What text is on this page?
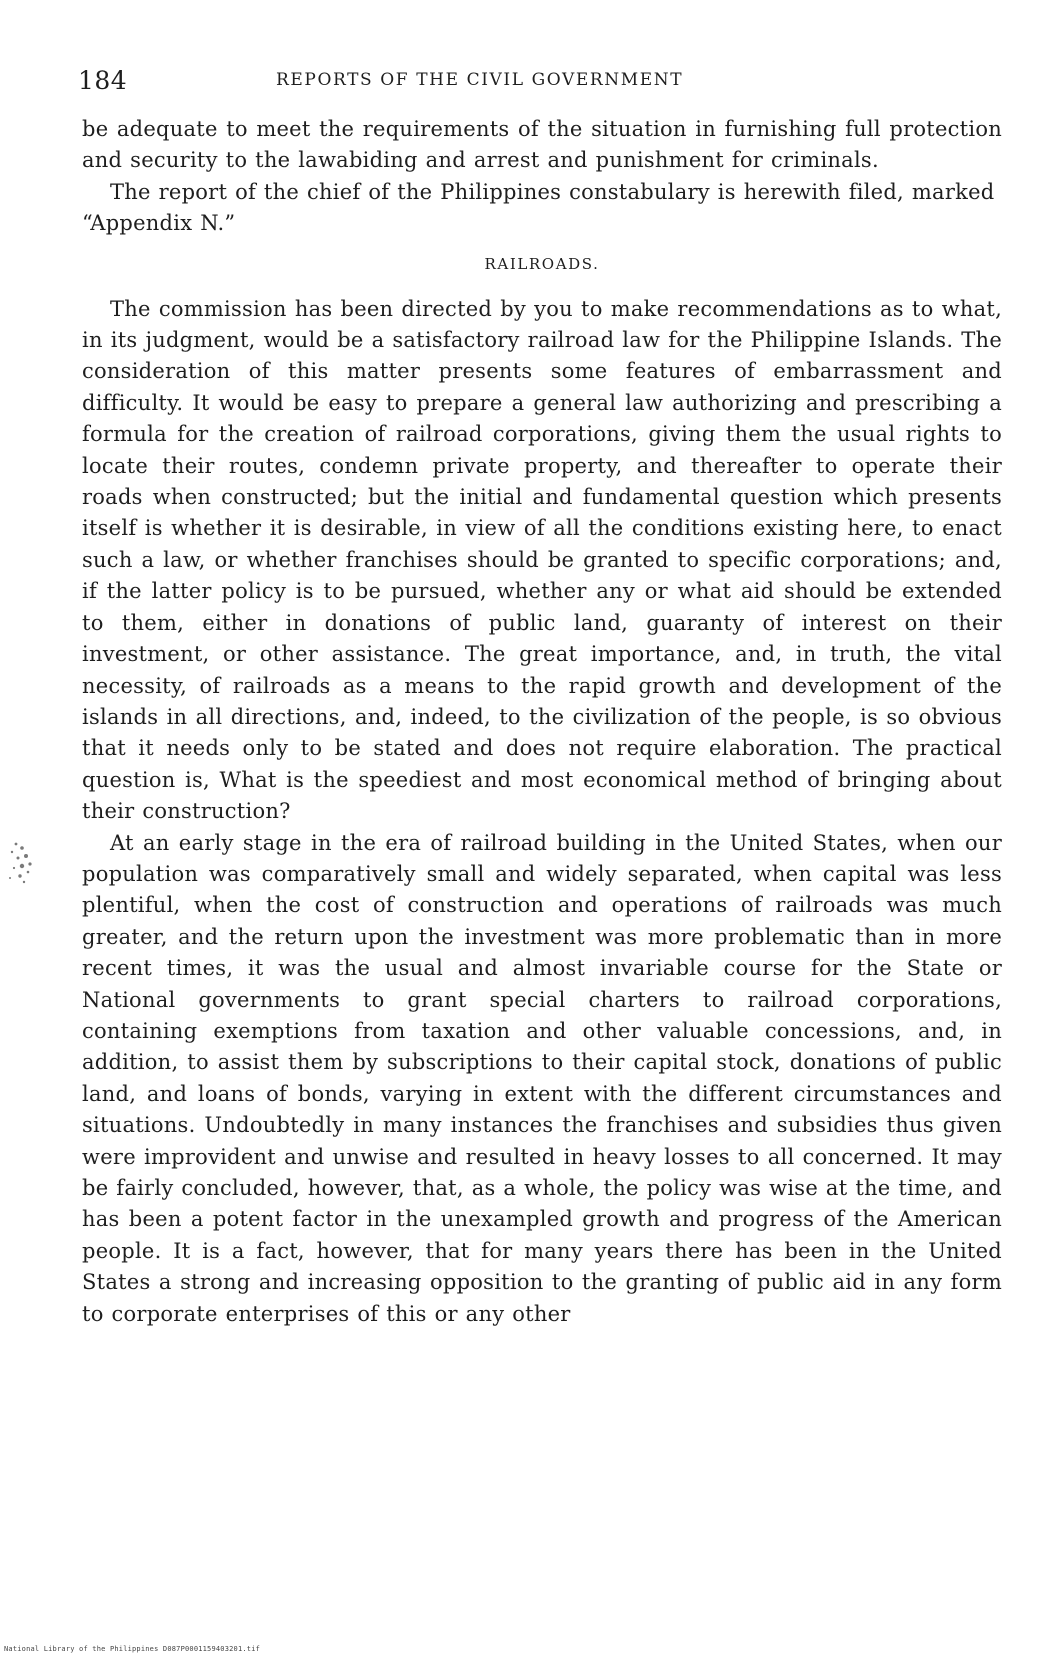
184	REPORTS OF THE CIVIL GOVERNMENT

be adequate to meet the requirements of the situation in furnishing full protection and security to the lawabiding and arrest and punishment for criminals.

The report of the chief of the Philippines constabulary is herewith filed, marked “Appendix N.”

RAILROADS.

The commission has been directed by you to make recommendations as to what, in its judgment, would be a satisfactory railroad law for the Philippine Islands. The consideration of this matter presents some features of embarrassment and difficulty. It would be easy to prepare a general law authorizing and prescribing a formula for the creation of railroad corporations, giving them the usual rights to locate their routes, condemn private property, and thereafter to operate their roads when constructed; but the initial and fundamental question which presents itself is whether it is desirable, in view of all the conditions existing here, to enact such a law, or whether franchises should be granted to specific corporations; and, if the latter policy is to be pursued, whether any or what aid should be extended to them, either in donations of public land, guaranty of interest on their investment, or other assistance. The great importance, and, in truth, the vital necessity, of railroads as a means to the rapid growth and development of the islands in all directions, and, indeed, to the civilization of the people, is so obvious that it needs only to be stated and does not require elaboration. The practical question is, What is the speediest and most economical method of bringing about their construction?

At an early stage in the era of railroad building in the United States, when our population was comparatively small and widely separated, when capital was less plentiful, when the cost of construction and operations of railroads was much greater, and the return upon the investment was more problematic than in more recent times, it was the usual and almost invariable course for the State or National governments to grant special charters to railroad corporations, containing exemptions from taxation and other valuable concessions, and, in addition, to assist them by subscriptions to their capital stock, donations of public land, and loans of bonds, varying in extent with the different circumstances and situations. Undoubtedly in many instances the franchises and subsidies thus given were improvident and unwise and resulted in heavy losses to all concerned. It may be fairly concluded, however, that, as a whole, the policy was wise at the time, and has been a potent factor in the unexampled growth and progress of the American people. It is a fact, however, that for many years there has been in the United States a strong and increasing opposition to the granting of public aid in any form to corporate enterprises of this or any other

National Library of the Philippines D087P0001159403201.tif
